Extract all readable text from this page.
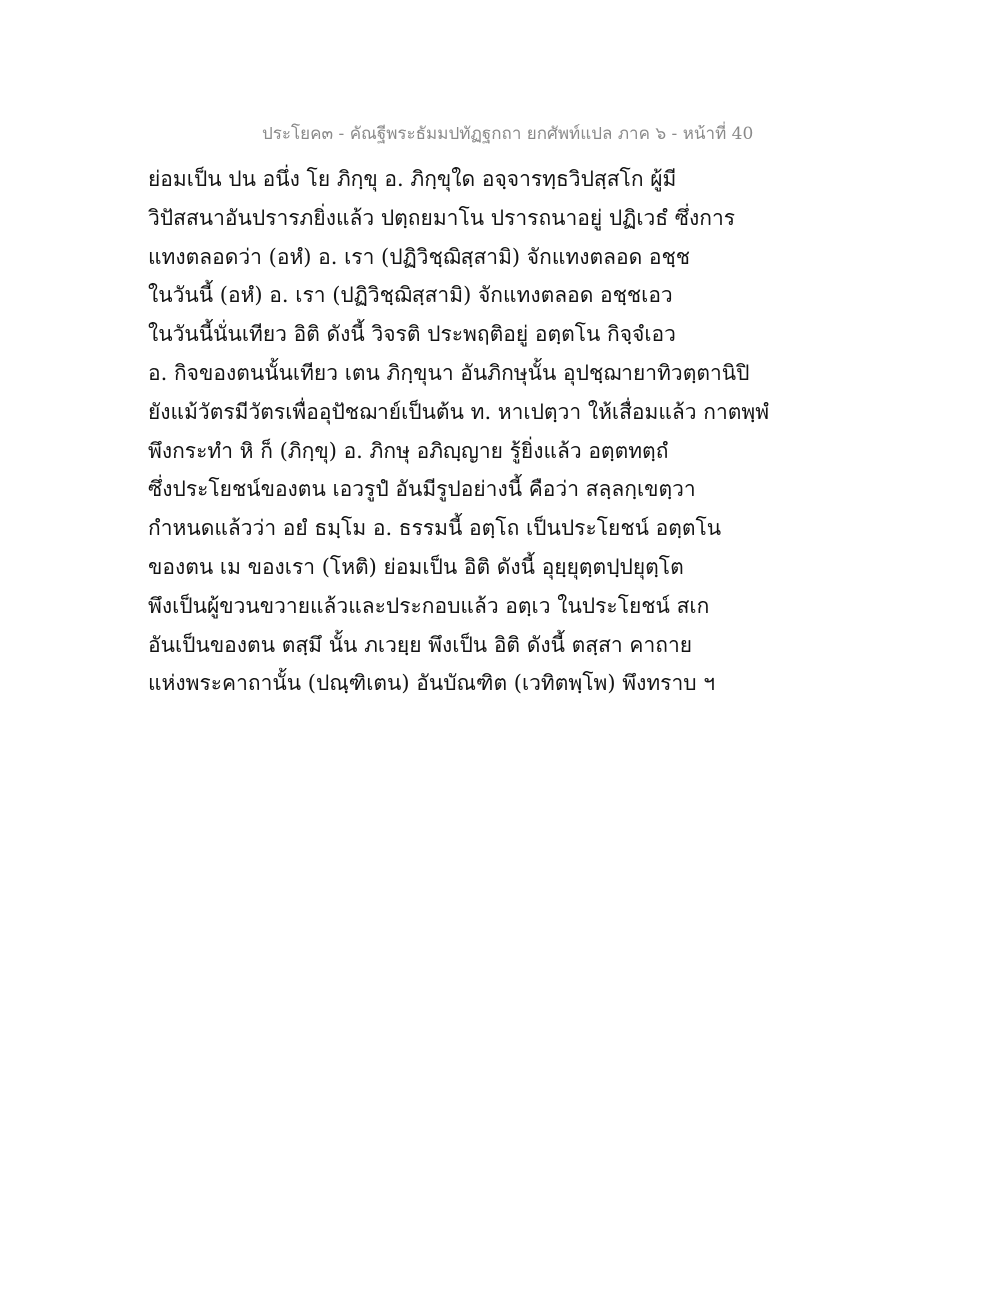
ประโยค๓ - คัณฐีพระธัมมปทัฏฐกถา ยกศัพท์แปล ภาค ๖ - หน้าที่ 40
ย่อมเป็น ปน อนึ่ง โย ภิกฺขุ อ. ภิกฺขุใด อจฺจารทฺธวิปสฺสโก ผู้มี
วิปัสสนาอันปรารภยิ่งแล้ว ปตฺถยมาโน ปรารถนาอยู่ ปฏิเวธํ ซึ่งการ
แทงตลอดว่า (อหํ) อ. เรา (ปฏิวิชฺฌิสฺสามิ) จักแทงตลอด อชฺช
ในวันนี้ (อหํ) อ. เรา (ปฏิวิชฺฌิสฺสามิ) จักแทงตลอด อชฺชเอว
ในวันนี้นั่นเทียว อิติ ดังนี้ วิจรติ ประพฤติอยู่ อตฺตโน กิจฺจํเอว
อ. กิจของตนนั้นเทียว เตน ภิกฺขุนา อันภิกษุนั้น อุปชฺฌายาทิวตฺตานิปิ
ยังแม้วัตรมีวัตรเพื่ออุปัชฌาย์เป็นต้น ท. หาเปตฺวา ให้เสื่อมแล้ว กาตพฺพํ
พึงกระทำ หิ ก็ (ภิกฺขุ) อ. ภิกษุ อภิญฺญาย รู้ยิ่งแล้ว อตฺตทตฺถํ
ซึ่งประโยชน์ของตน เอวรูปํ อันมีรูปอย่างนี้ คือว่า สลฺลกฺเขตฺวา
กำหนดแล้วว่า อยํ ธมฺโม อ. ธรรมนี้ อตฺโถ เป็นประโยชน์ อตฺตโน
ของตน เม ของเรา (โหติ) ย่อมเป็น อิติ ดังนี้ อุยฺยุตฺตปฺปยุตฺโต
พึงเป็นผู้ขวนขวายแล้วและประกอบแล้ว อตฺเว ในประโยชน์ สเก
อันเป็นของตน ตสฺมึ นั้น ภเวยฺย พึงเป็น อิติ ดังนี้ ตสฺสา คาถาย
แห่งพระคาถานั้น (ปณฺฑิเตน) อันบัณฑิต (เวทิตพฺโพ) พึงทราบ ฯ
